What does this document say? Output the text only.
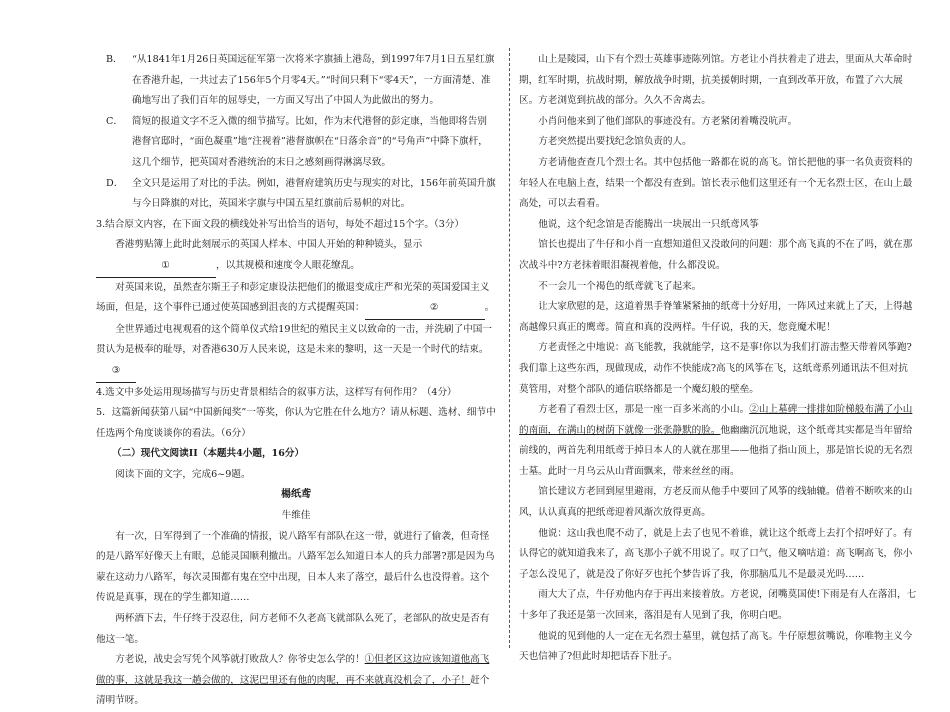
B． “从1841年1月26日英国远征军第一次将米字旗插上港岛，到1997年7月1日五星红旗在香港升起，一共过去了156年5个月零4天。”“时间只剩下“零4天”，一方面清楚、准确地写出了我们百年的屈辱史，一方面又写出了中国人为此做出的努力。
C． 简短的报道文字不乏入微的细节描写。比如，作为末代港督的彭定康，当他即将告别港督官邸时，“面色凝重”地“注视着”港督旗帜在“日落余音”的“号角声”中降下旗杆，这几个细节，把英国对香港统治的末日之感刻画得淋漓尽致。
D． 全文只是运用了对比的手法。例如，港督府建筑历史与现实的对比，156年前英国升旗与今日降旗的对比，英国米字旗与中国五星红旗前后易帜的对比。

3.结合原文内容，在下面文段的横线处补写出恰当的语句，每处不超过15个字。（3分）

香港剪贴簿上此时此刻展示的英国人样本、中国人开始的种种镜头，显示①	，以其规模和速度令人眼花缭乱。

对英国来说，虽然查尔斯王子和彭定康设法把他们的撤退变成庄严和光荣的英国爱国主义场面，但是，这个事件已通过使英国感到沮丧的方式提醒英国：	②	。

全世界通过电视观看的这个简单仪式给19世纪的殖民主义以致命的一击，并洗刷了中国一贯认为是极奉的耻辱，对香港630万人民来说，这是未来的黎明，这一天是一个时代的结束。

③

4.选文中多处运用现场描写与历史背景相结合的叙事方法，这样写有何作用？（4分）

5．这篇新闻获第八届“中国新闻奖”一等奖，你认为它胜在什么地方？请从标题、选材、细节中任选两个角度谈谈你的看法。（6分）

（二）现代文阅读II（本题共4小题，16分）

阅读下面的文字，完成6~9题。

楊纸鸢

牛维佳

有一次，日军得到了一个准确的情报，说八路军有部队在这一带，就进行了偷袭，但奇怪的是八路军好像天上有眼，总能灵国顺利撤出。八路军怎么知道日本人的兵力部署?那是因为乌蒙在这动力八路军，每次灵围都有鬼在空中出现，日本人来了落空，最后什么也没得着。这个传说是真事，现在的学生都知道……

两杯酒下去，牛仔终于没忍住，问方老师不久老高飞就部队么死了，老部队的故史是否有他这一笔。

方老说，战史会写凭个风筝就打败敌人？你爷史怎么学的！①但老区这边应该知道他高飞做的事，这就是我这一趟会做的，这泥巴里还有他的肉呢，再不来就真没机会了，小子！赶个清明节呀。

山上是陵园，山下有个烈士英雄事迹陈列馆。方老让小肖扶着走了进去，里面从大革命时期，红军时期，抗战时期，解放战争时期，抗美援朝时期，一直到改革开放，布置了六大展区。方老浏览到抗战的部分。久久不舍离去。

小肖问他来到了他们部队的事迹没有。方老紧闭着嘴没吭声。

方老突然提出要找纪念馆负责的人。

方老请他查查几个烈士名。其中包括他一路都在说的高飞。馆长把他的事一名负责资料的年轻人在电脑上查，结果一个都没有查到。馆长表示他们这里还有一个无名烈士区，在山上最高处，可以去看看。

他说，这个纪念馆是否能腾出一块展出一只纸鸢风筝

馆长也提出了牛仔和小肖一直想知道但又没敢问的问题：那个高飞真的不在了吗，就在那次战斗中?方老抹着眼泪凝视着他，什么都没说。

不一会儿一个褐色的纸鸢就飞了起来。

让大家欣慰的是，这道着黑手脊雏紧紧抽的纸鸢十分好用，一阵风过来就上了天，上得越高越像只真正的鹰鸢。简直和真的没两样。牛仔说，我的天，您竟魔术呢！

方老责怪之中地说：高飞能教，我就能学，这不是事!你以为我们打游击整天带着风筝跑?我们靠上这些东西，现做现成，动作不快能成?高飞的风筝在飞，这纸鸢系列通讯法不但对抗莫管用，对整个部队的通信联络都是一个魔幻般的壁垒。

方老看了看烈士区，那是一座一百多米高的小山。②山上墓碑一排排如阶梯般布满了小山的南面，在满山的树荫下就像一张张静默的脸。他幽幽沉沉地说，这个纸鸢其实都是当年留给前线的，两首先利用纸鸢于掉日本人的人就在那里——他指了指山顶上，那是馆长说的无名烈士墓。此时一月乌云从山背面飘来，带来丝丝的雨。

馆长建议方老回到屋里避雨，方老反而从他手中要回了风筝的线轴辘。借着不断吹来的山风，认认真真的把纸鸢迎着风渐次放得更高。

他说：这山我也爬不动了，就是上去了也见不着谁，就让这个纸鸢上去打个招呼好了。有认得它的就知道我来了，高飞那小子就不用说了。叹了口气，他又嘀咕道：高飞啊高飞，你小子怎么没见了，就是没了你好歹也托个梦告诉了我，你那脑瓜儿不是最灵光吗……

雨大大了点，牛仔劝他内存于再出来接着放。方老说，闭嘴莫国使!下雨是有人在落泪，七十多年了我还是第一次回来，落泪是有人见到了我，你明白吧。

他说的见到他的人一定在无名烈士墓里，就包括了高飞。牛仔原想贫嘴说，你唯物主义今天也信神了?但此时却把话吞下肚子。
